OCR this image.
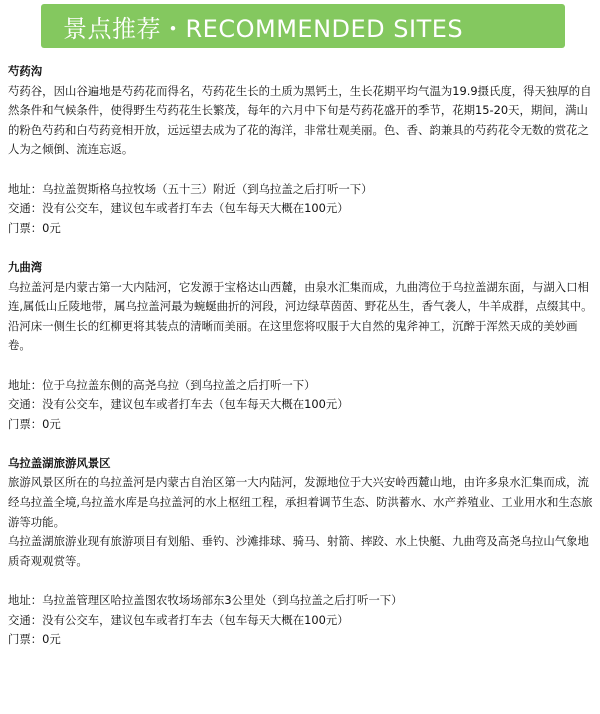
景点推荐・RECOMMENDED SITES

芍药沟

芍药谷，因山谷遍地是芍药花而得名，芍药花生长的土质为黑钙土，生长花期平均气温为19.9摄氏度，得天独厚的自然条件和气候条件，使得野生芍药花生长繁茂，每年的六月中下旬是芍药花盛开的季节，花期15-20天，期间，满山的粉色芍药和白芍药竞相开放，远远望去成为了花的海洋，非常壮观美丽。色、香、韵兼具的芍药花令无数的赏花之人为之倾倒、流连忘返。

地址：乌拉盖贺斯格乌拉牧场（五十三）附近（到乌拉盖之后打听一下）

交通：没有公交车，建议包车或者打车去（包车每天大概在100元）

门票：0元

九曲湾

乌拉盖河是内蒙古第一大内陆河，它发源于宝格达山西麓，由泉水汇集而成，九曲湾位于乌拉盖湖东面，与湖入口相连,属低山丘陵地带，属乌拉盖河最为蜿蜒曲折的河段，河边绿草茵茵、野花丛生，香气袭人，牛羊成群，点缀其中。沿河床一侧生长的红柳更将其装点的清晰而美丽。在这里您将叹服于大自然的鬼斧神工，沉醉于浑然天成的美妙画卷。

地址：位于乌拉盖东侧的高尧乌拉（到乌拉盖之后打听一下）

交通：没有公交车，建议包车或者打车去（包车每天大概在100元）

门票：0元

乌拉盖湖旅游风景区

旅游风景区所在的乌拉盖河是内蒙古自治区第一大内陆河，发源地位于大兴安岭西麓山地，由许多泉水汇集而成，流经乌拉盖全境,乌拉盖水库是乌拉盖河的水上枢纽工程，承担着调节生态、防洪蓄水、水产养殖业、工业用水和生态旅游等功能。

乌拉盖湖旅游业现有旅游项目有划船、垂钓、沙滩排球、骑马、射箭、摔跤、水上快艇、九曲弯及高尧乌拉山气象地质奇观观赏等。

地址：乌拉盖管理区哈拉盖图农牧场场部东3公里处（到乌拉盖之后打听一下）

交通：没有公交车，建议包车或者打车去（包车每天大概在100元）

门票：0元
